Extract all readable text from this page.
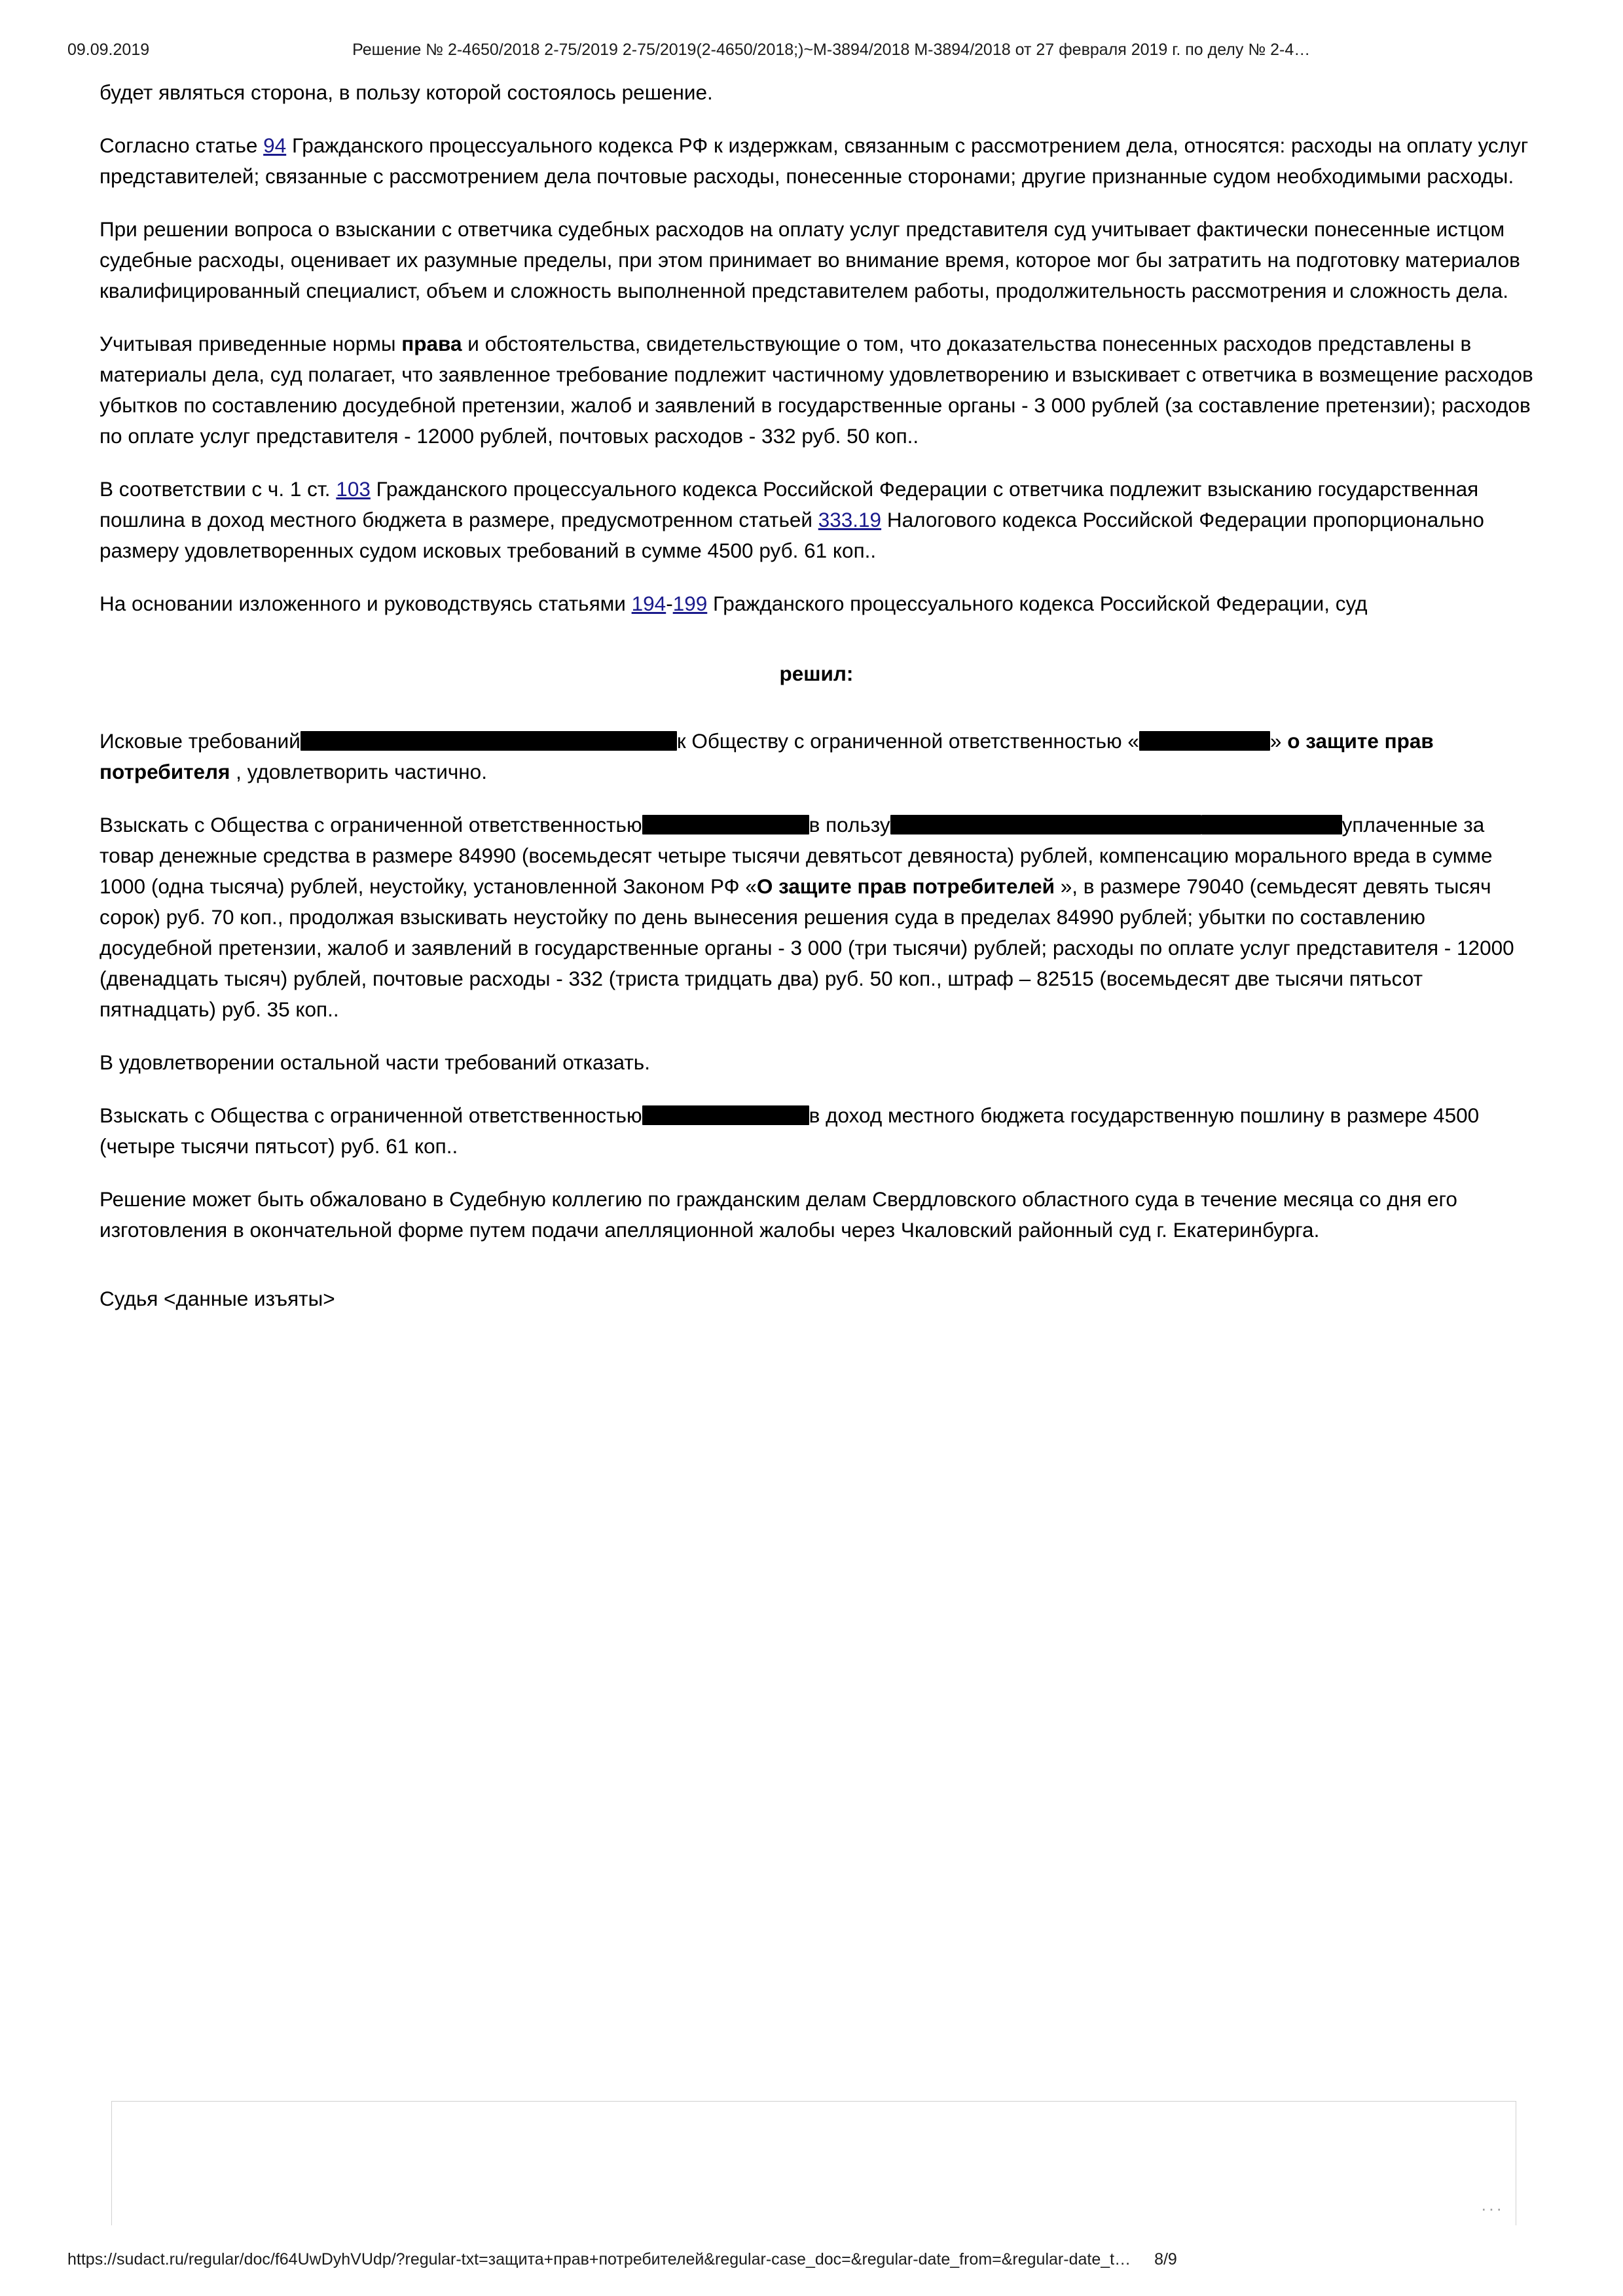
09.09.2019	Решение № 2-4650/2018 2-75/2019 2-75/2019(2-4650/2018;)~М-3894/2018 М-3894/2018 от 27 февраля 2019 г. по делу № 2-4…

будет являться сторона, в пользу которой состоялось решение.

Согласно статье 94 Гражданского процессуального кодекса РФ к издержкам, связанным с рассмотрением дела, относятся: расходы на оплату услуг представителей; связанные с рассмотрением дела почтовые расходы, понесенные сторонами; другие признанные судом необходимыми расходы.

При решении вопроса о взыскании с ответчика судебных расходов на оплату услуг представителя суд учитывает фактически понесенные истцом судебные расходы, оценивает их разумные пределы, при этом принимает во внимание время, которое мог бы затратить на подготовку материалов квалифицированный специалист, объем и сложность выполненной представителем работы, продолжительность рассмотрения и сложность дела.

Учитывая приведенные нормы права и обстоятельства, свидетельствующие о том, что доказательства понесенных расходов представлены в материалы дела, суд полагает, что заявленное требование подлежит частичному удовлетворению и взыскивает с ответчика в возмещение расходов убытков по составлению досудебной претензии, жалоб и заявлений в государственные органы - 3 000 рублей (за составление претензии); расходов по оплате услуг представителя - 12000 рублей, почтовых расходов - 332 руб. 50 коп..

В соответствии с ч. 1 ст. 103 Гражданского процессуального кодекса Российской Федерации с ответчика подлежит взысканию государственная пошлина в доход местного бюджета в размере, предусмотренном статьей 333.19 Налогового кодекса Российской Федерации пропорционально размеру удовлетворенных судом исковых требований в сумме 4500 руб. 61 коп..

На основании изложенного и руководствуясь статьями 194-199 Гражданского процессуального кодекса Российской Федерации, суд

решил:

Исковые требований	к Обществу с ограниченной ответственностью «	» о защите прав потребителя , удовлетворить частично.

Взыскать с Общества с ограниченной ответственностью	в пользу	уплаченные за товар денежные средства в размере 84990 (восемьдесят четыре тысячи девятьсот девяноста) рублей, компенсацию морального вреда в сумме 1000 (одна тысяча) рублей, неустойку, установленной Законом РФ «О защите прав потребителей », в размере 79040 (семьдесят девять тысяч сорок) руб. 70 коп., продолжая взыскивать неустойку по день вынесения решения суда в пределах 84990 рублей; убытки по составлению досудебной претензии, жалоб и заявлений в государственные органы - 3 000 (три тысячи) рублей; расходы по оплате услуг представителя - 12000 (двенадцать тысяч) рублей, почтовые расходы - 332 (триста тридцать два) руб. 50 коп., штраф – 82515 (восемьдесят две тысячи пятьсот пятнадцать) руб. 35 коп..

В удовлетворении остальной части требований отказать.

Взыскать с Общества с ограниченной ответственностью	в доход местного бюджета государственную пошлину в размере 4500 (четыре тысячи пятьсот) руб. 61 коп..

Решение может быть обжаловано в Судебную коллегию по гражданским делам Свердловского областного суда в течение месяца со дня его изготовления в окончательной форме путем подачи апелляционной жалобы через Чкаловский районный суд г. Екатеринбурга.

Судья <данные изъяты>

···
https://sudact.ru/regular/doc/f64UwDyhVUdp/?regular-txt=защита+прав+потребителей&regular-case_doc=&regular-date_from=&regular-date_t… 8/9
